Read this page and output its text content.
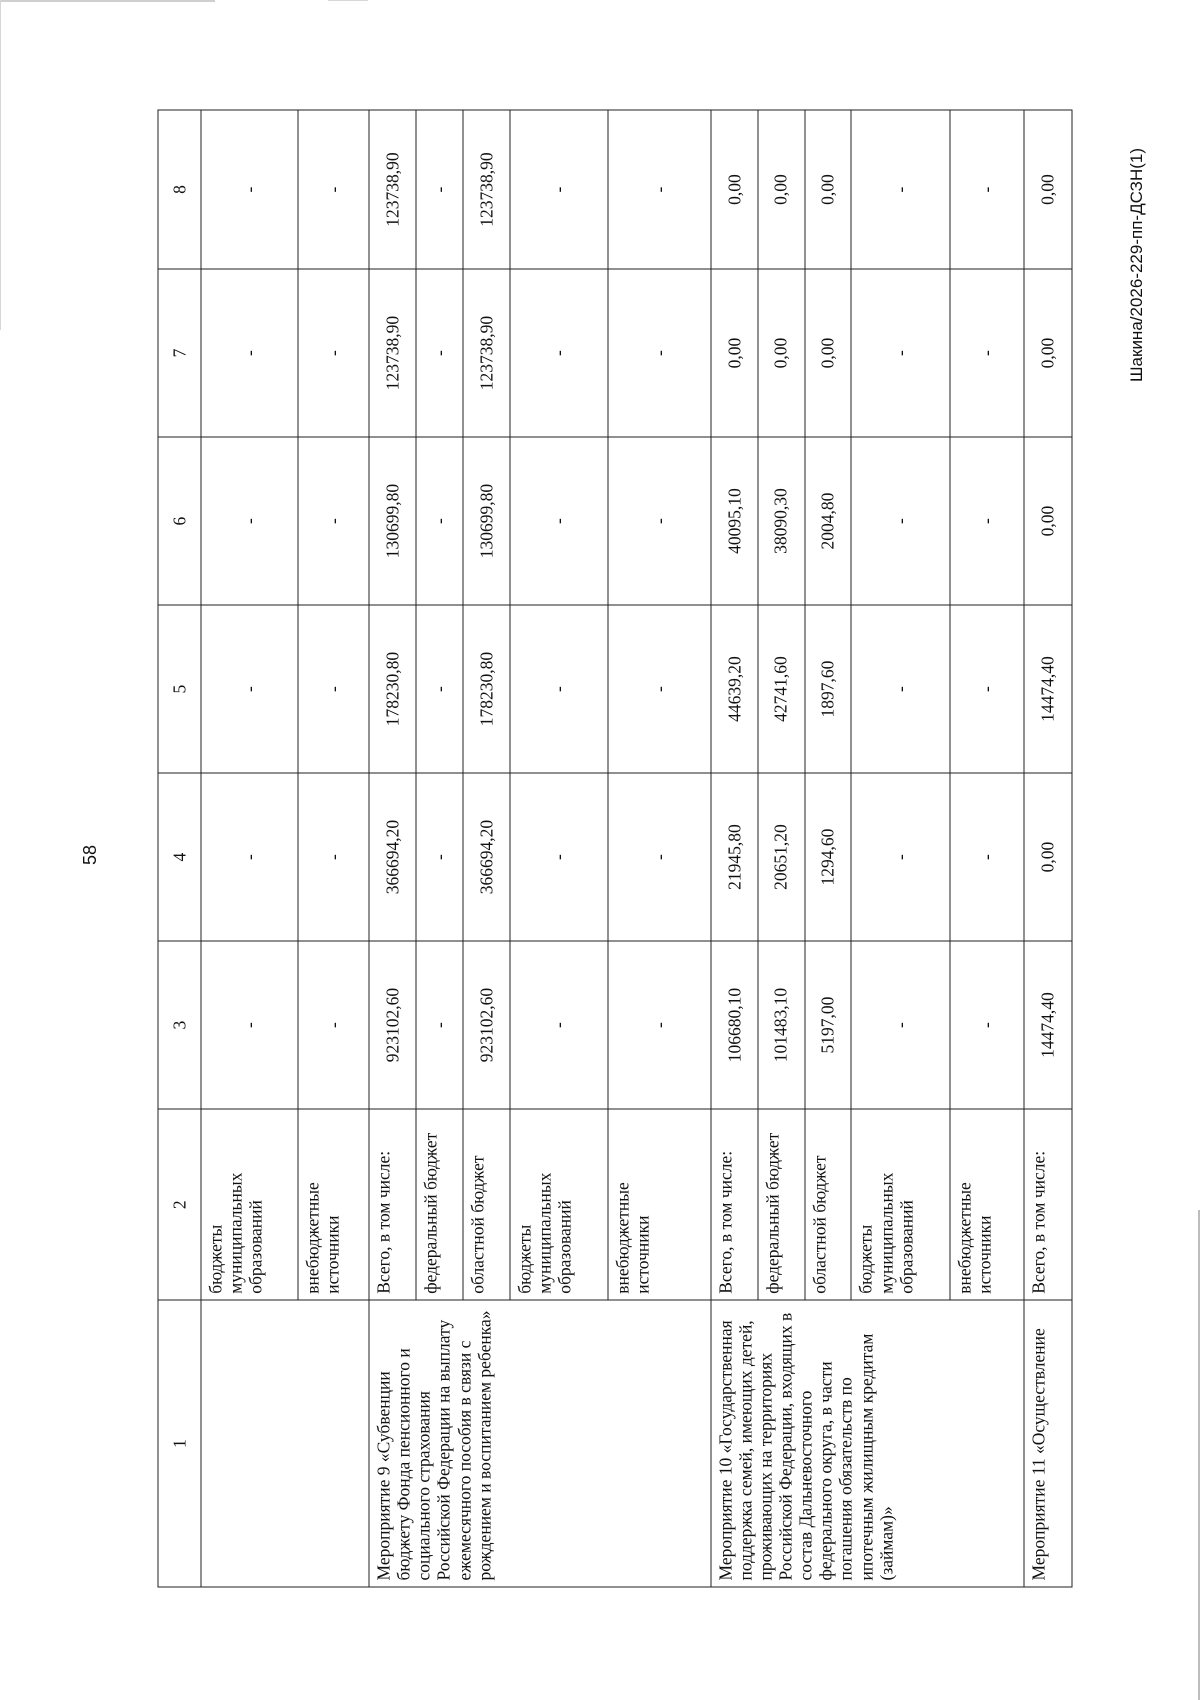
58
Шакина/2026-229-пп-ДСЗН(1)
1	2	3	4	5	6	7	8
	бюджеты муниципальных образований	-	-	-	-	-	-
	внебюджетные источники	-	-	-	-	-	-
Мероприятие 9 «Субвенции бюджету Фонда пенсионного и социального страхования Российской Федерации на выплату ежемесячного пособия в связи с рождением и воспитанием ребенка»	Всего, в том числе:	923102,60	366694,20	178230,80	130699,80	123738,90	123738,90
	федеральный бюджет	-	-	-	-	-	-
	областной бюджет	923102,60	366694,20	178230,80	130699,80	123738,90	123738,90
	бюджеты муниципальных образований	-	-	-	-	-	-
	внебюджетные источники	-	-	-	-	-	-
Мероприятие 10 «Государственная поддержка семей, имеющих детей, проживающих на территориях Российской Федерации, входящих в состав Дальневосточного федерального округа, в части погашения обязательств по ипотечным жилищным кредитам (займам)»	Всего, в том числе:	106680,10	21945,80	44639,20	40095,10	0,00	0,00
	федеральный бюджет	101483,10	20651,20	42741,60	38090,30	0,00	0,00
	областной бюджет	5197,00	1294,60	1897,60	2004,80	0,00	0,00
	бюджеты муниципальных образований	-	-	-	-	-	-
	внебюджетные источники	-	-	-	-	-	-
Мероприятие 11 «Осуществление	Всего, в том числе:	14474,40	0,00	14474,40	0,00	0,00	0,00
